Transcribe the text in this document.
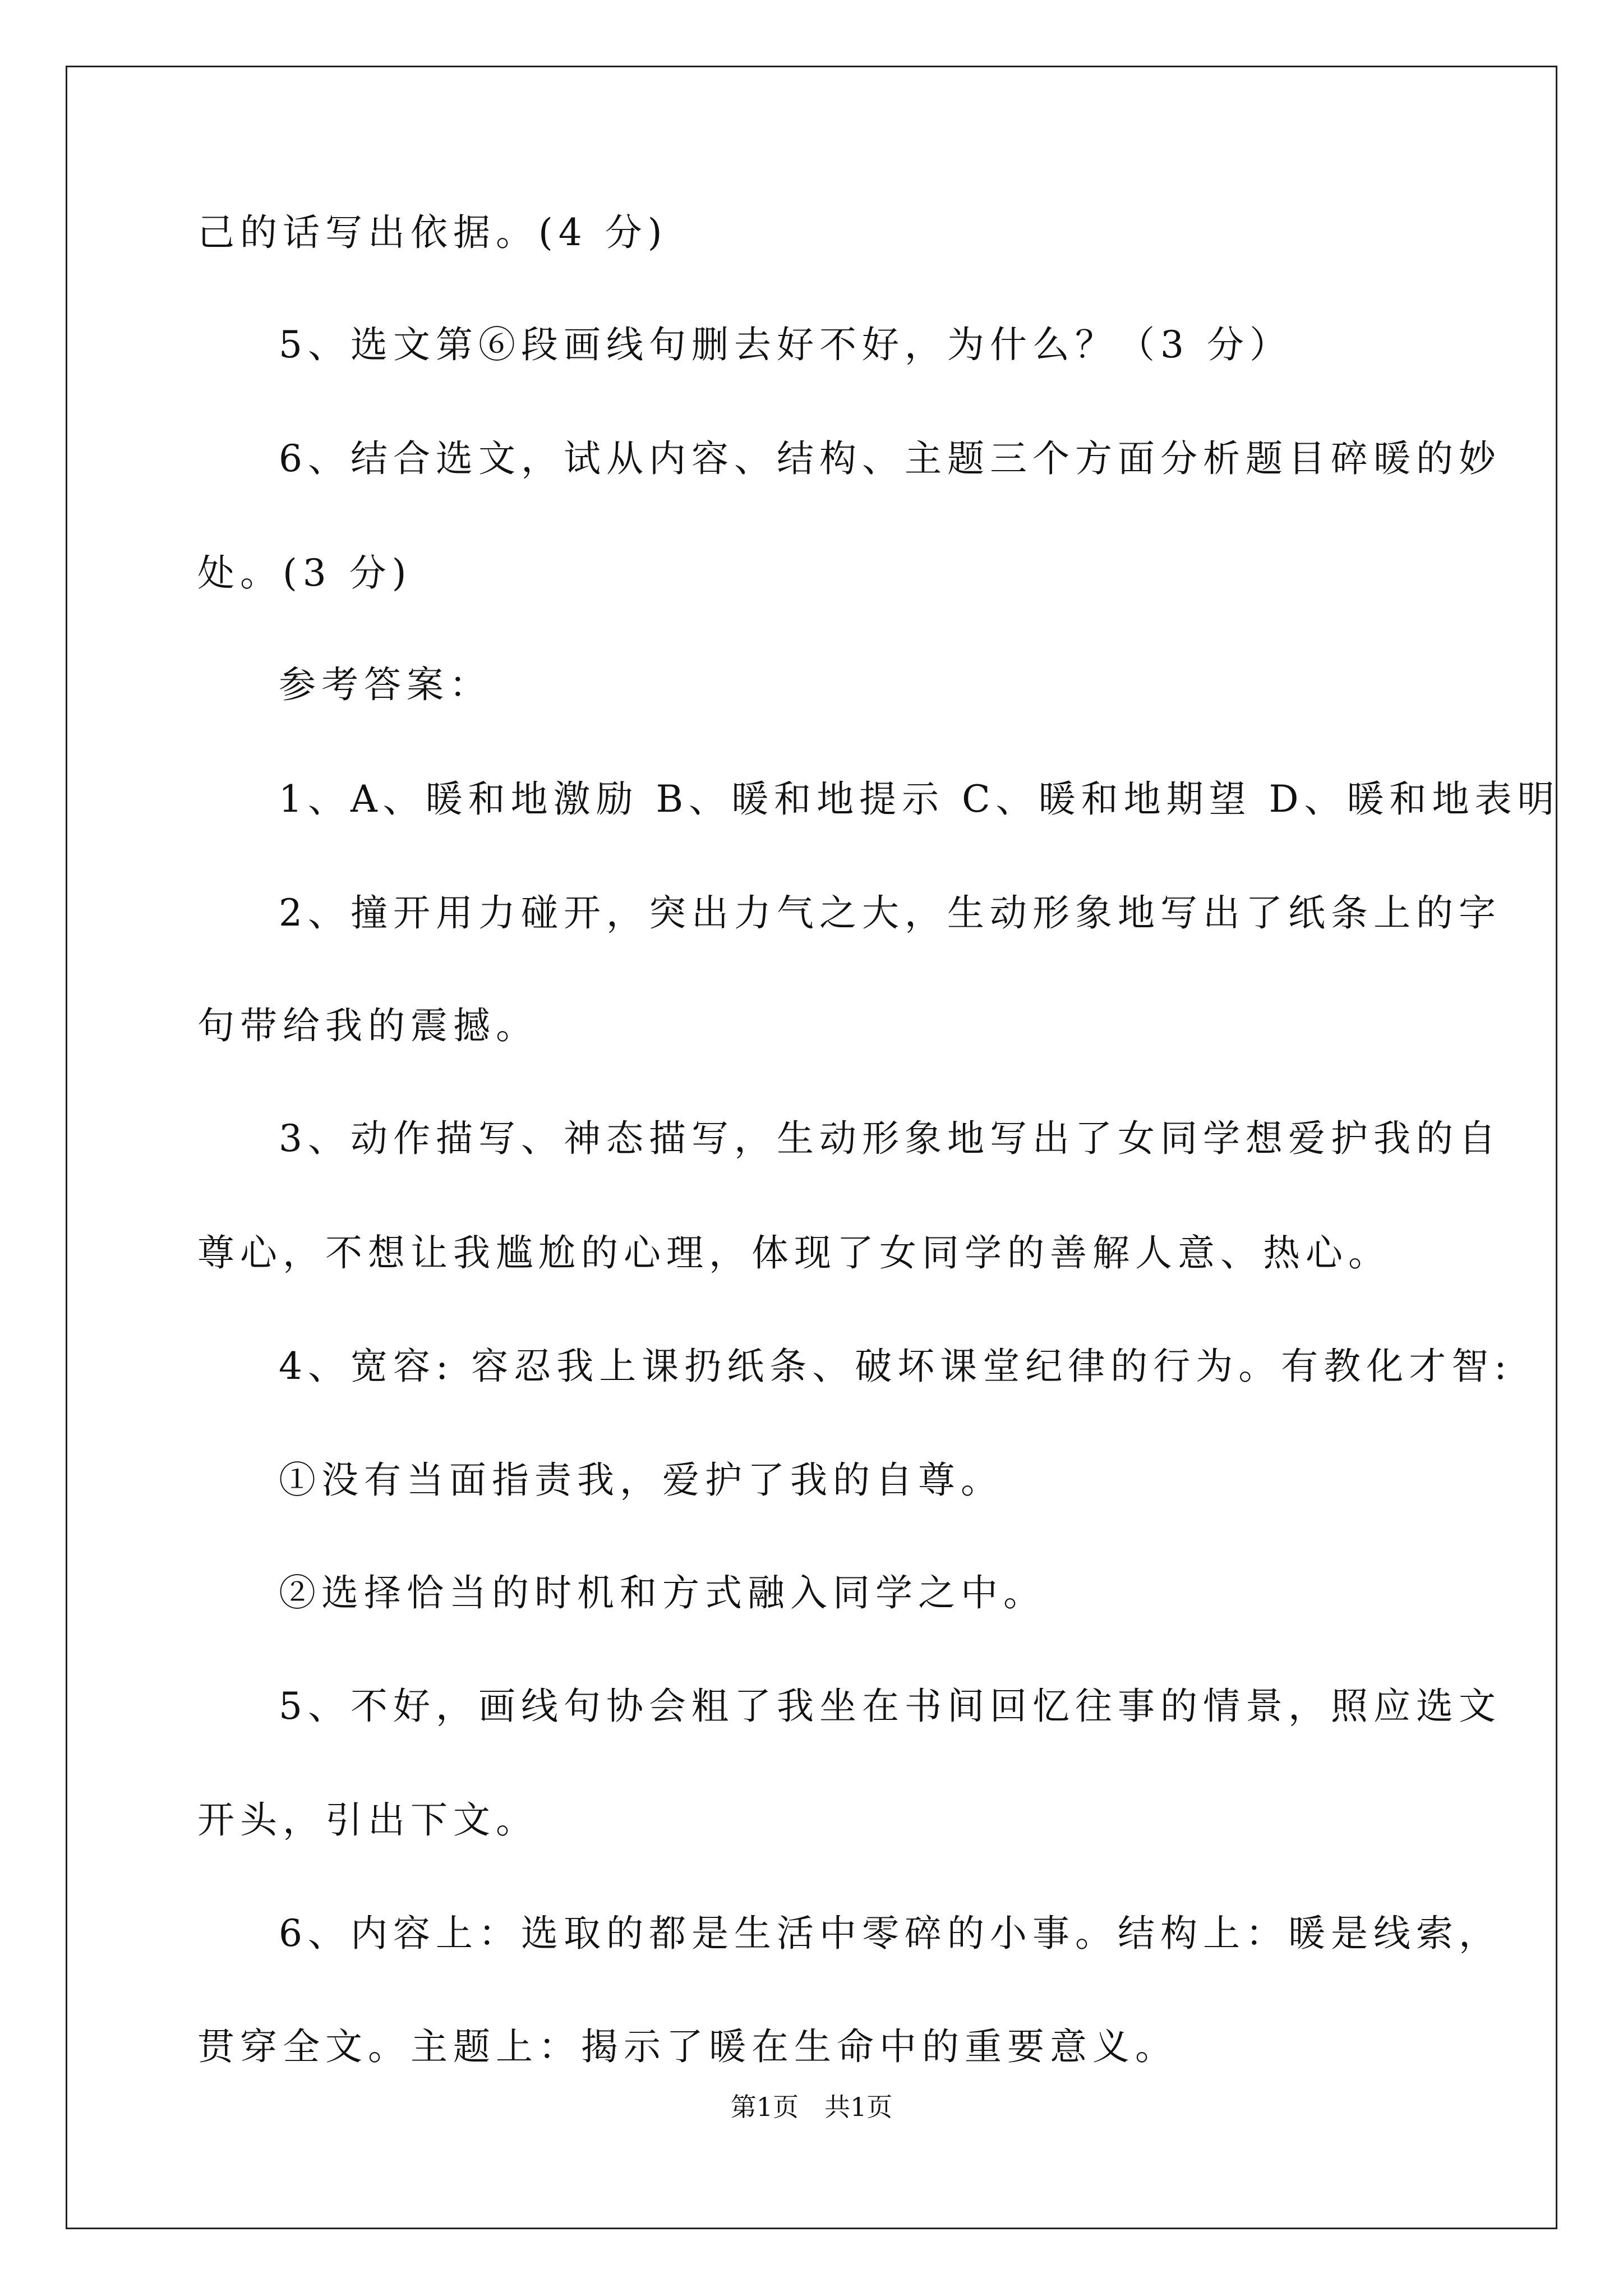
己的话写出依据。(4 分)
5、选文第⑥段画线句删去好不好，为什么？（3 分）
6、结合选文，试从内容、结构、主题三个方面分析题目碎暖的妙
处。(3 分)
参考答案：
1、A、暖和地激励 B、暖和地提示 C、暖和地期望 D、暖和地表明
2、撞开用力碰开，突出力气之大，生动形象地写出了纸条上的字
句带给我的震撼。
3、动作描写、神态描写，生动形象地写出了女同学想爱护我的自
尊心，不想让我尴尬的心理，体现了女同学的善解人意、热心。
4、宽容: 容忍我上课扔纸条、破坏课堂纪律的行为。有教化才智:
①没有当面指责我，爱护了我的自尊。
②选择恰当的时机和方式融入同学之中。
5、不好，画线句协会粗了我坐在书间回忆往事的情景，照应选文
开头，引出下文。
6、内容上：选取的都是生活中零碎的小事。结构上：暖是线索，
贯穿全文。主题上：揭示了暖在生命中的重要意义。
第1页　共1页
